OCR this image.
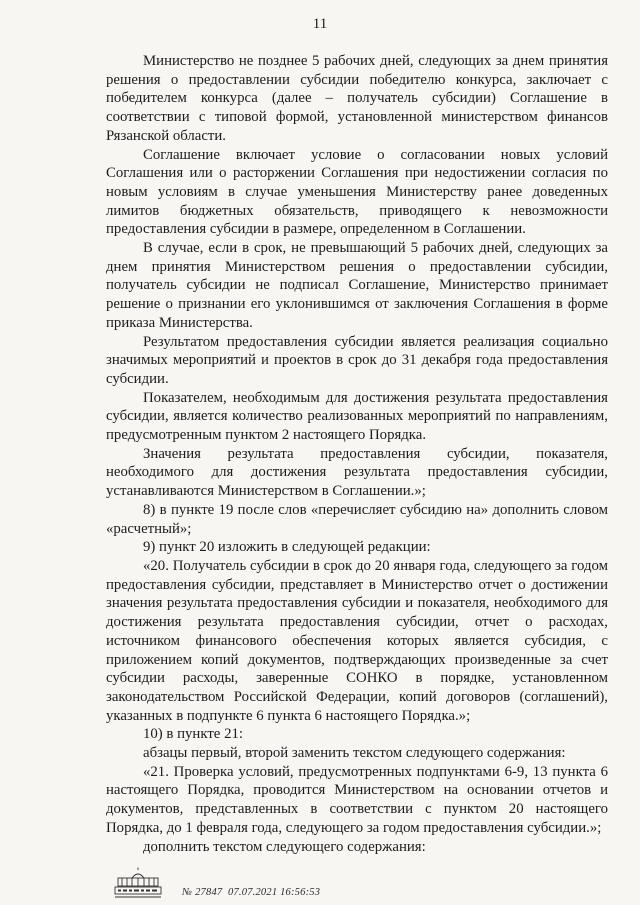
11

Министерство не позднее 5 рабочих дней, следующих за днем принятия решения о предоставлении субсидии победителю конкурса, заключает с победителем конкурса (далее – получатель субсидии) Соглашение в соответствии с типовой формой, установленной министерством финансов Рязанской области.

Соглашение включает условие о согласовании новых условий Соглашения или о расторжении Соглашения при недостижении согласия по новым условиям в случае уменьшения Министерству ранее доведенных лимитов бюджетных обязательств, приводящего к невозможности предоставления субсидии в размере, определенном в Соглашении.

В случае, если в срок, не превышающий 5 рабочих дней, следующих за днем принятия Министерством решения о предоставлении субсидии, получатель субсидии не подписал Соглашение, Министерство принимает решение о признании его уклонившимся от заключения Соглашения в форме приказа Министерства.

Результатом предоставления субсидии является реализация социально значимых мероприятий и проектов в срок до 31 декабря года предоставления субсидии.

Показателем, необходимым для достижения результата предоставления субсидии, является количество реализованных мероприятий по направлениям, предусмотренным пунктом 2 настоящего Порядка.

Значения результата предоставления субсидии, показателя, необходимого для достижения результата предоставления субсидии, устанавливаются Министерством в Соглашении.»;

8) в пункте 19 после слов «перечисляет субсидию на» дополнить словом «расчетный»;

9) пункт 20 изложить в следующей редакции:

«20. Получатель субсидии в срок до 20 января года, следующего за годом предоставления субсидии, представляет в Министерство отчет о достижении значения результата предоставления субсидии и показателя, необходимого для достижения результата предоставления субсидии, отчет о расходах, источником финансового обеспечения которых является субсидия, с приложением копий документов, подтверждающих произведенные за счет субсидии расходы, заверенные СОНКО в порядке, установленном законодательством Российской Федерации, копий договоров (соглашений), указанных в подпункте 6 пункта 6 настоящего Порядка.»;

10) в пункте 21:

абзацы первый, второй заменить текстом следующего содержания:

«21. Проверка условий, предусмотренных подпунктами 6-9, 13 пункта 6 настоящего Порядка, проводится Министерством на основании отчетов и документов, представленных в соответствии с пунктом 20 настоящего Порядка, до 1 февраля года, следующего за годом предоставления субсидии.»;

дополнить текстом следующего содержания:

№ 27847 07.07.2021 16:56:53
